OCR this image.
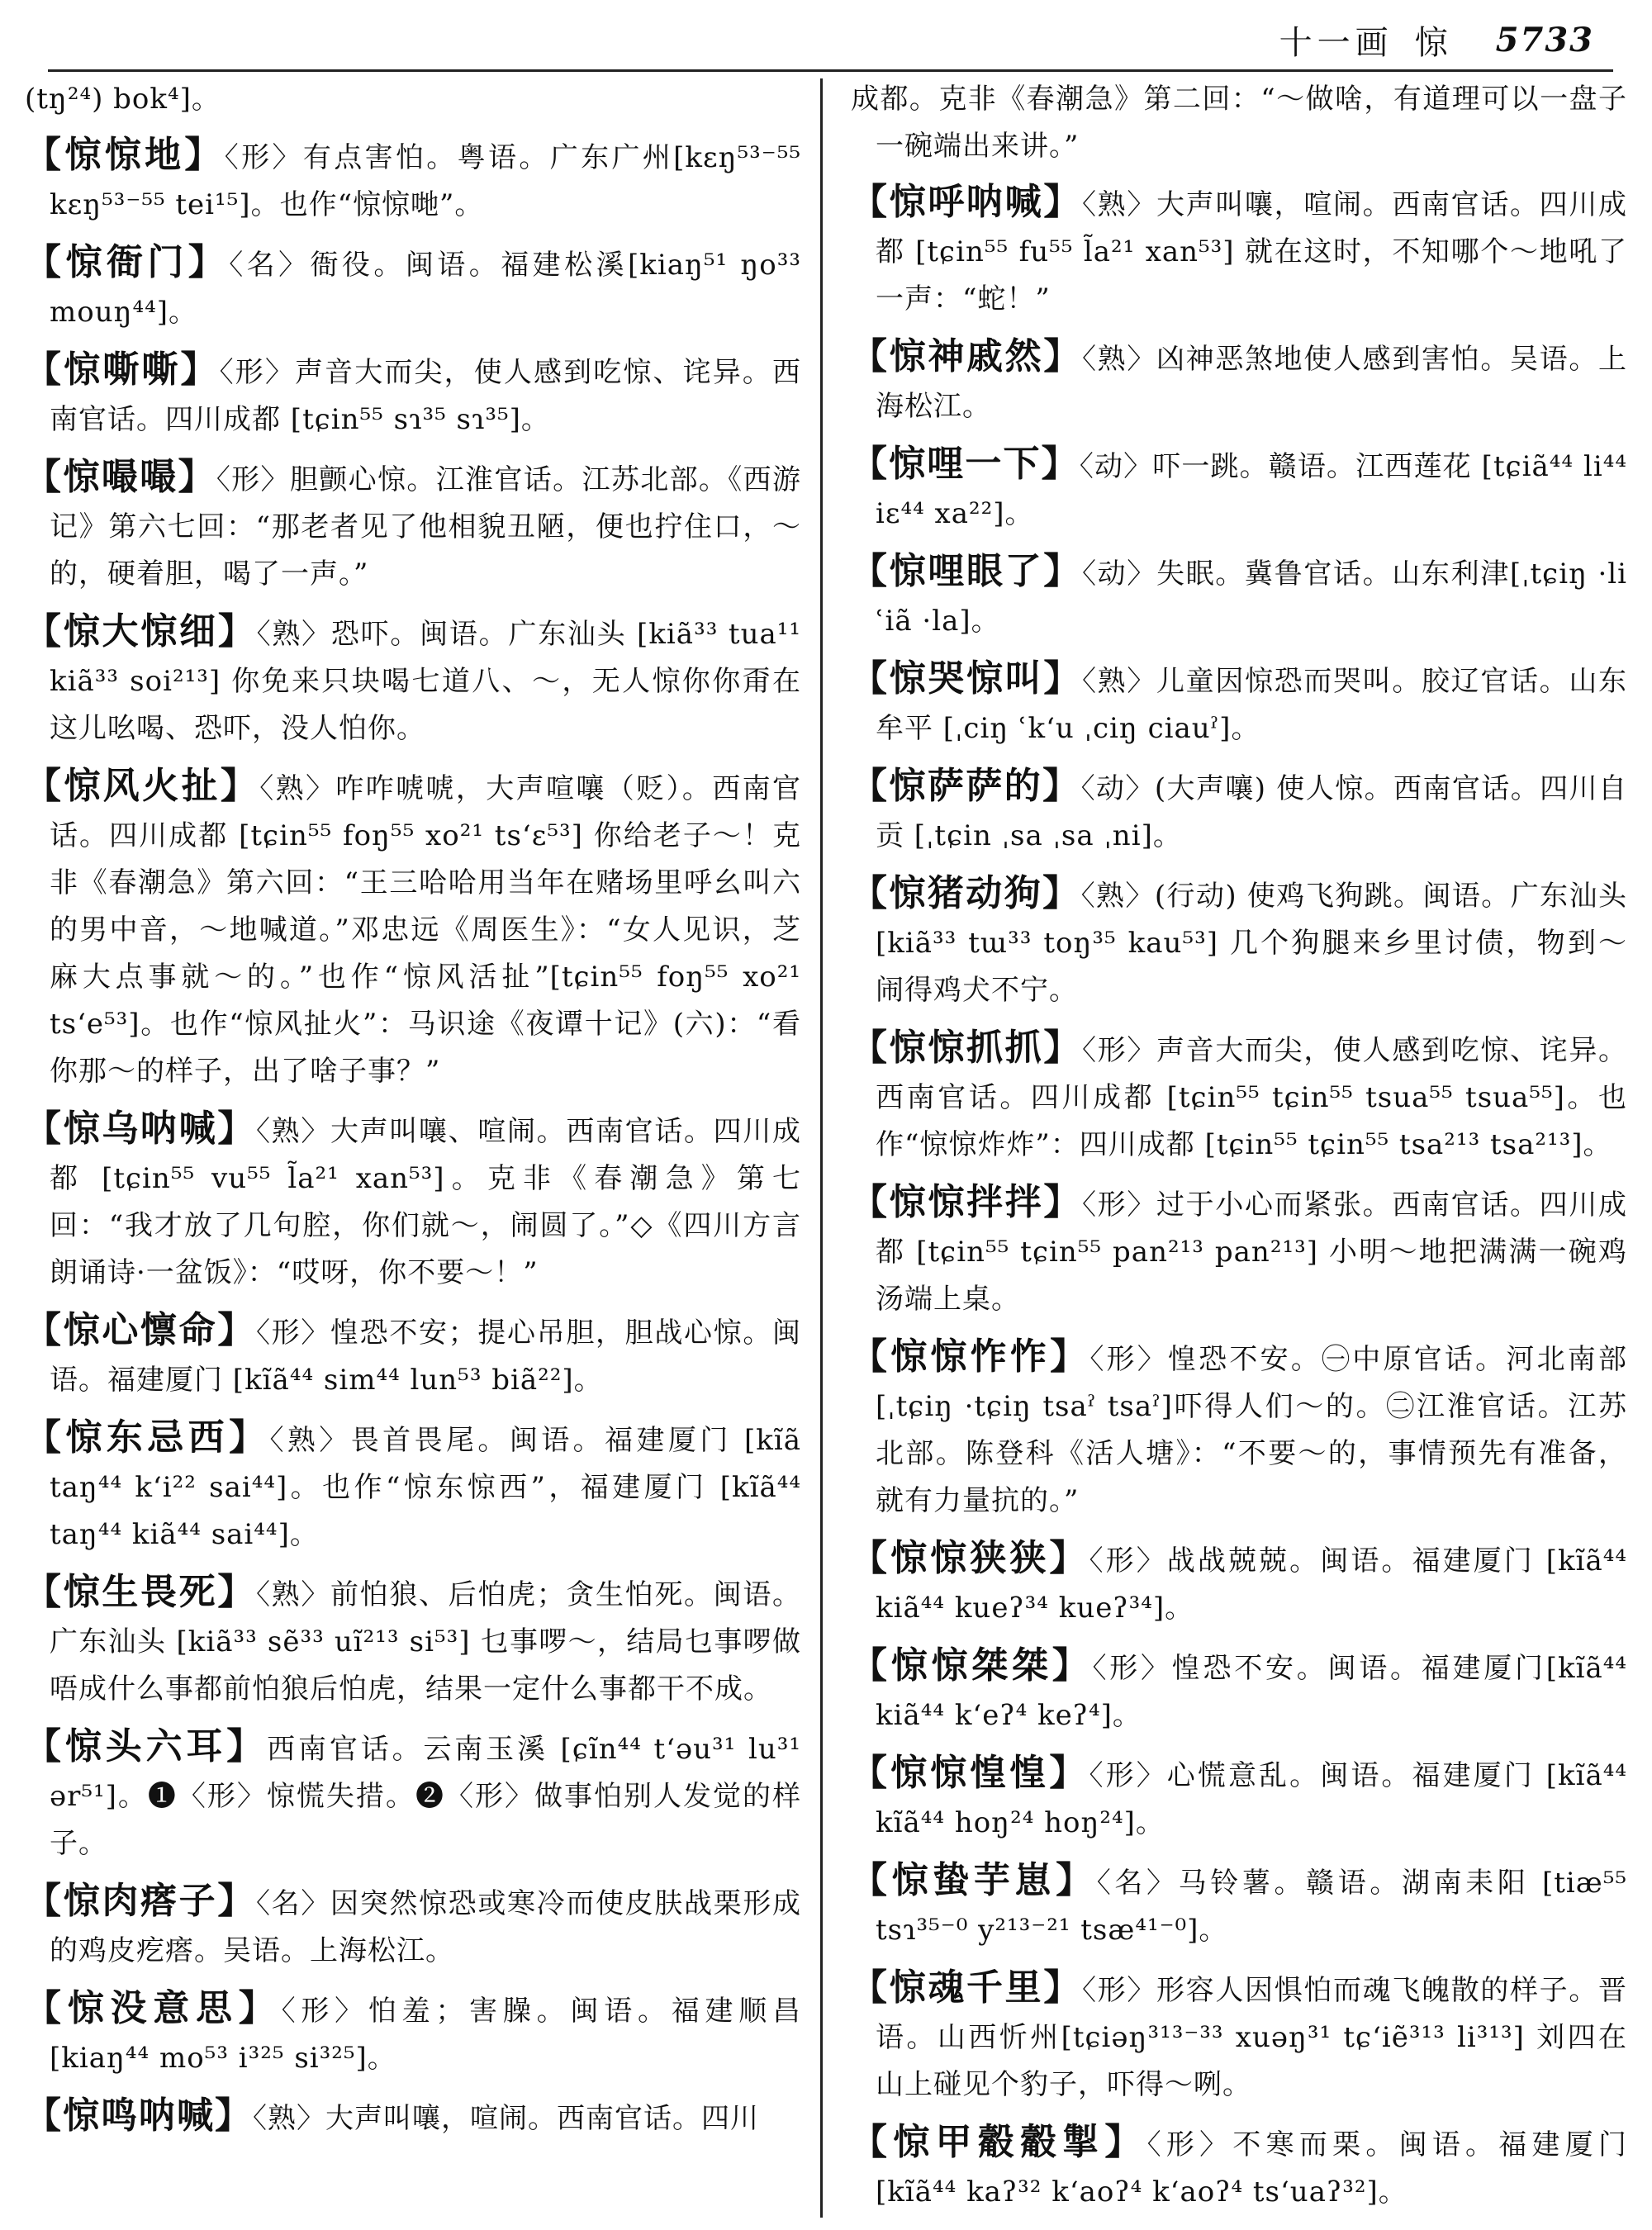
十一画 惊 5733

(tŋ²⁴) bok⁴]。

【惊惊地】〈形〉有点害怕。粤语。广东广州[kɛŋ⁵³⁻⁵⁵ kɛŋ⁵³⁻⁵⁵ tei¹⁵]。也作“惊惊哋”。

【惊衙门】〈名〉衙役。闽语。福建松溪[kiaŋ⁵¹ ŋo³³ mouŋ⁴⁴]。

【惊嘶嘶】〈形〉声音大而尖，使人感到吃惊、诧异。西南官话。四川成都 [tɕin⁵⁵ sɿ³⁵ sɿ³⁵]。

【惊嘬嘬】〈形〉胆颤心惊。江淮官话。江苏北部。《西游记》第六七回：“那老者见了他相貌丑陋，便也拧住口，～的，硬着胆，喝了一声。”

【惊大惊细】〈熟〉恐吓。闽语。广东汕头 [kiã³³ tua¹¹ kiã³³ soi²¹³] 你免来只块喝七道八、～，无人惊你你甭在这儿吆喝、恐吓，没人怕你。

【惊风火扯】〈熟〉咋咋唬唬，大声喧嚷（贬）。西南官话。四川成都 [tɕin⁵⁵ foŋ⁵⁵ xo²¹ ts‘ɛ⁵³] 你给老子～！克非《春潮急》第六回：“王三哈哈用当年在赌场里呼幺叫六的男中音，～地喊道。”邓忠远《周医生》：“女人见识，芝麻大点事就～的。”也作“惊风活扯”[tɕin⁵⁵ foŋ⁵⁵ xo²¹ ts‘e⁵³]。也作“惊风扯火”：马识途《夜谭十记》(六)：“看你那～的样子，出了啥子事？”

【惊乌呐喊】〈熟〉大声叫嚷、喧闹。西南官话。四川成都 [tɕin⁵⁵ vu⁵⁵ l̃a²¹ xan⁵³]。克非《春潮急》第七回：“我才放了几句腔，你们就～，闹圆了。”◇《四川方言朗诵诗·一盆饭》：“哎呀，你不要～！”

【惊心懔命】〈形〉惶恐不安；提心吊胆，胆战心惊。闽语。福建厦门 [kĩã⁴⁴ sim⁴⁴ lun⁵³ biã²²]。

【惊东忌西】〈熟〉畏首畏尾。闽语。福建厦门 [kĩã taŋ⁴⁴ k‘i²² sai⁴⁴]。也作“惊东惊西”，福建厦门 [kĩã⁴⁴ taŋ⁴⁴ kiã⁴⁴ sai⁴⁴]。

【惊生畏死】〈熟〉前怕狼、后怕虎；贪生怕死。闽语。广东汕头 [kiã³³ sẽ³³ uĩ²¹³ si⁵³] 乜事啰～，结局乜事啰做唔成什么事都前怕狼后怕虎，结果一定什么事都干不成。

【惊头六耳】西南官话。云南玉溪 [ɕĩn⁴⁴ t‘əu³¹ lu³¹ ər⁵¹]。❶〈形〉惊慌失措。❷〈形〉做事怕别人发觉的样子。

【惊肉瘩子】〈名〉因突然惊恐或寒冷而使皮肤战栗形成的鸡皮疙瘩。吴语。上海松江。

【惊没意思】〈形〉怕羞；害臊。闽语。福建顺昌 [kiaŋ⁴⁴ mo⁵³ i³²⁵ si³²⁵]。

【惊鸣呐喊】〈熟〉大声叫嚷，喧闹。西南官话。四川

成都。克非《春潮急》第二回：“～做啥，有道理可以一盘子一碗端出来讲。”

【惊呼呐喊】〈熟〉大声叫嚷，喧闹。西南官话。四川成都 [tɕin⁵⁵ fu⁵⁵ l̃a²¹ xan⁵³] 就在这时，不知哪个～地吼了一声：“蛇！”

【惊神戚然】〈熟〉凶神恶煞地使人感到害怕。吴语。上海松江。

【惊哩一下】〈动〉吓一跳。赣语。江西莲花 [tɕiã⁴⁴ li⁴⁴ iɛ⁴⁴ xa²²]。

【惊哩眼了】〈动〉失眠。冀鲁官话。山东利津[ˌtɕiŋ ·li ʿiã ·la]。

【惊哭惊叫】〈熟〉儿童因惊恐而哭叫。胶辽官话。山东牟平 [ˌciŋ ʿk‘u ˌciŋ ciauˀ]。

【惊萨萨的】〈动〉(大声嚷) 使人惊。西南官话。四川自贡 [ˌtɕin ˌsa ˌsa ˌni]。

【惊猪动狗】〈熟〉(行动) 使鸡飞狗跳。闽语。广东汕头 [kiã³³ tɯ³³ toŋ³⁵ kau⁵³] 几个狗腿来乡里讨债，物到～闹得鸡犬不宁。

【惊惊抓抓】〈形〉声音大而尖，使人感到吃惊、诧异。西南官话。四川成都 [tɕin⁵⁵ tɕin⁵⁵ tsua⁵⁵ tsua⁵⁵]。也作“惊惊炸炸”：四川成都 [tɕin⁵⁵ tɕin⁵⁵ tsa²¹³ tsa²¹³]。

【惊惊拌拌】〈形〉过于小心而紧张。西南官话。四川成都 [tɕin⁵⁵ tɕin⁵⁵ pan²¹³ pan²¹³] 小明～地把满满一碗鸡汤端上桌。

【惊惊怍怍】〈形〉惶恐不安。㊀中原官话。河北南部 [ˌtɕiŋ ·tɕiŋ tsaˀ tsaˀ]吓得人们～的。㊁江淮官话。江苏北部。陈登科《活人塘》：“不要～的，事情预先有准备，就有力量抗的。”

【惊惊狭狭】〈形〉战战兢兢。闽语。福建厦门 [kĩã⁴⁴ kiã⁴⁴ kueʔ³⁴ kueʔ³⁴]。

【惊惊桀桀】〈形〉惶恐不安。闽语。福建厦门[kĩã⁴⁴ kiã⁴⁴ k‘eʔ⁴ keʔ⁴]。

【惊惊惶惶】〈形〉心慌意乱。闽语。福建厦门 [kĩã⁴⁴ kĩã⁴⁴ hoŋ²⁴ hoŋ²⁴]。

【惊蛰芋崽】〈名〉马铃薯。赣语。湖南耒阳 [tiæ⁵⁵ tsɿ³⁵⁻⁰ y²¹³⁻²¹ tsæ⁴¹⁻⁰]。

【惊魂千里】〈形〉形容人因惧怕而魂飞魄散的样子。晋语。山西忻州[tɕiəŋ³¹³⁻³³ xuəŋ³¹ tɕ‘iẽ³¹³ li³¹³] 刘四在山上碰见个豹子，吓得～咧。

【惊甲觳觳掣】〈形〉不寒而栗。闽语。福建厦门 [kĩã⁴⁴ kaʔ³² k‘aoʔ⁴ k‘aoʔ⁴ ts‘uaʔ³²]。
